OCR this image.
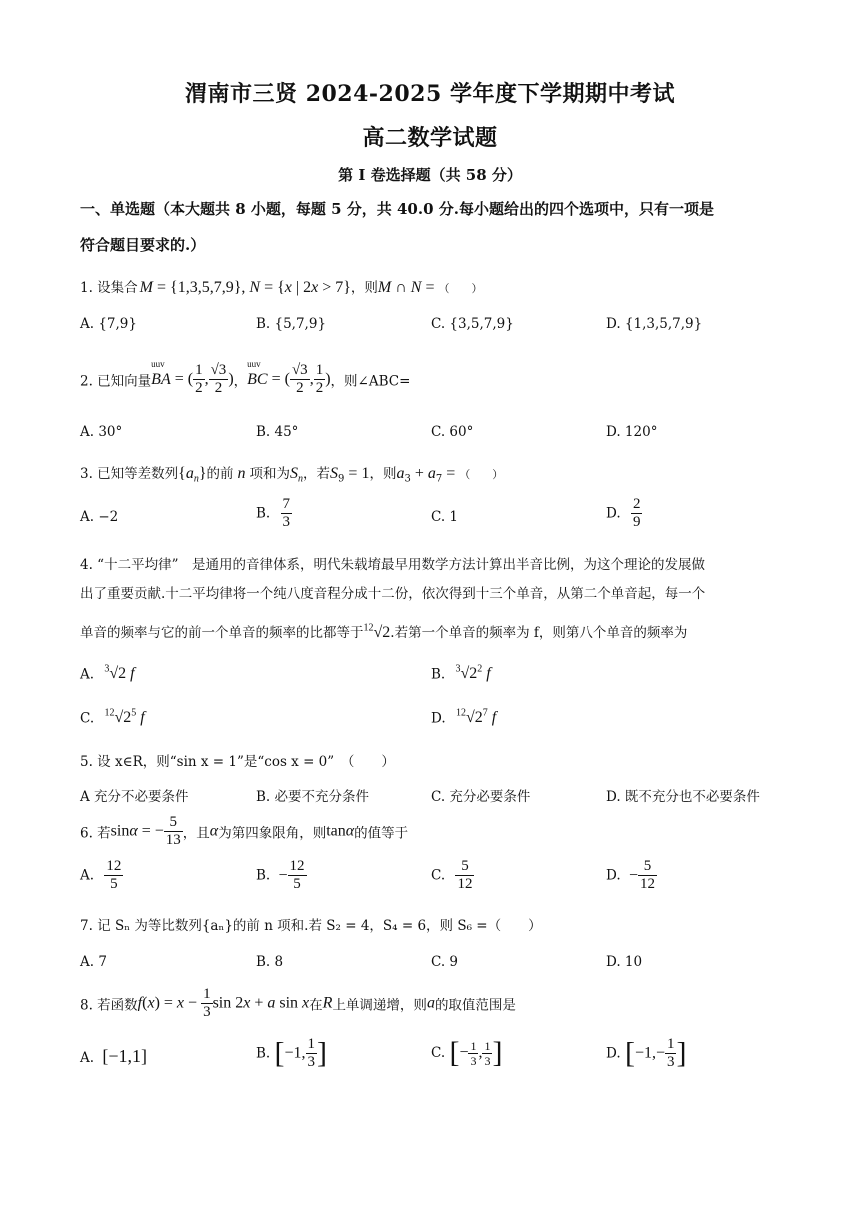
渭南市三贤 2024-2025 学年度下学期期中考试
高二数学试题
第 I 卷选择题（共 58 分）
一、单选题（本大题共 8 小题，每题 5 分，共 40.0 分.每小题给出的四个选项中，只有一项是
符合题目要求的.）
1. 设集合 M = {1,3,5,7,9}, N = {x | 2x > 7}，则M ∩ N = （　　）
A. {7,9}	B. {5,7,9}	C. {3,5,7,9}	D. {1,3,5,7,9}
2. 已知向量
uuv
BA = ( $\frac{1}{2}$ , $\frac{√3}{2}$ )，
uuv
BC = ( $\frac{√3}{2}$ , $\frac{1}{2}$ )，则∠ABC=
A. 30°	B. 45°	C. 60°	D. 120°
3. 已知等差数列$\{a_n\}$的前 n 项和为$S_n$，若$S_9 = 1$，则$a_3 + a_7$ = （　　）
A. −2	B. $\frac{7}{3}$	C. 1	D. $\frac{2}{9}$
4. “十二平均律”　是通用的音律体系，明代朱载堉最早用数学方法计算出半音比例，为这个理论的发展做
出了重要贡献.十二平均律将一个纯八度音程分成十二份，依次得到十三个单音，从第二个单音起，每一个
单音的频率与它的前一个单音的频率的比都等于$^{12}$√2.若第一个单音的频率为 f，则第八个单音的频率为
A. $^3$√2 f	B. $^3√2^2$ f
C. $^{12}√2^5$ f	D. $^{12}√2^7$ f
5. 设 x∈R，则“sin x = 1”是“cos x = 0”　（　　）
A 充分不必要条件	B. 必要不充分条件	C. 充分必要条件	D. 既不充分也不必要条件
6. 若sinα = − $\frac{5}{13}$ ，且α为第四象限角，则tanα的值等于
A. $\frac{12}{5}$	B. − $\frac{12}{5}$	C. $\frac{5}{12}$	D. − $\frac{5}{12}$
7. 记 Sₙ 为等比数列{aₙ}的前 n 项和.若 S₂ = 4，S₄ = 6，则 S₆ =（　　）
A. 7	B. 8	C. 9	D. 10
8. 若函数$f(x) = x - \frac{1}{3}$ sin 2x + a sin x在R上单调递增，则a的取值范围是
A. [−1,1]	B. [−1, $\frac{1}{3}$ ]	C. [− $\frac{1}{3}$ , $\frac{1}{3}$ ]	D. [$-1,- \frac{1}{3}$ ]
